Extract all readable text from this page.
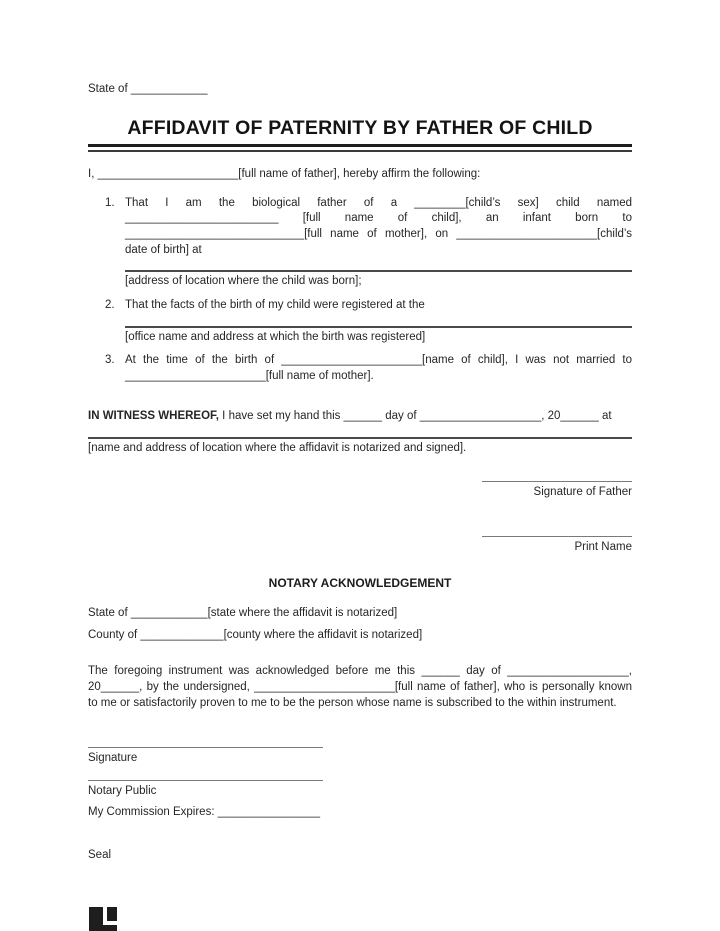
State of ____________

AFFIDAVIT OF PATERNITY BY FATHER OF CHILD

I, ______________________[full name of father], hereby affirm the following:

1. That I am the biological father of a ________[child’s sex] child named ________________________ [full name of child], an infant born to ____________________________[full name of mother], on ______________________[child’s date of birth] at
[address of location where the child was born];
2. That the facts of the birth of my child were registered at the
[office name and address at which the birth was registered]
3. At the time of the birth of ______________________[name of child], I was not married to ______________________[full name of mother].
IN WITNESS WHEREOF, I have set my hand this ______ day of ___________________, 20______ at
[name and address of location where the affidavit is notarized and signed].
Signature of Father
Print Name
NOTARY ACKNOWLEDGEMENT
State of ____________[state where the affidavit is notarized]
County of _____________[county where the affidavit is notarized]

The foregoing instrument was acknowledged before me this ______ day of ___________________, 20______, by the undersigned, ______________________[full name of father], who is personally known to me or satisfactorily proven to me to be the person whose name is subscribed to the within instrument.

Signature
Notary Public
My Commission Expires: ________________
Seal
